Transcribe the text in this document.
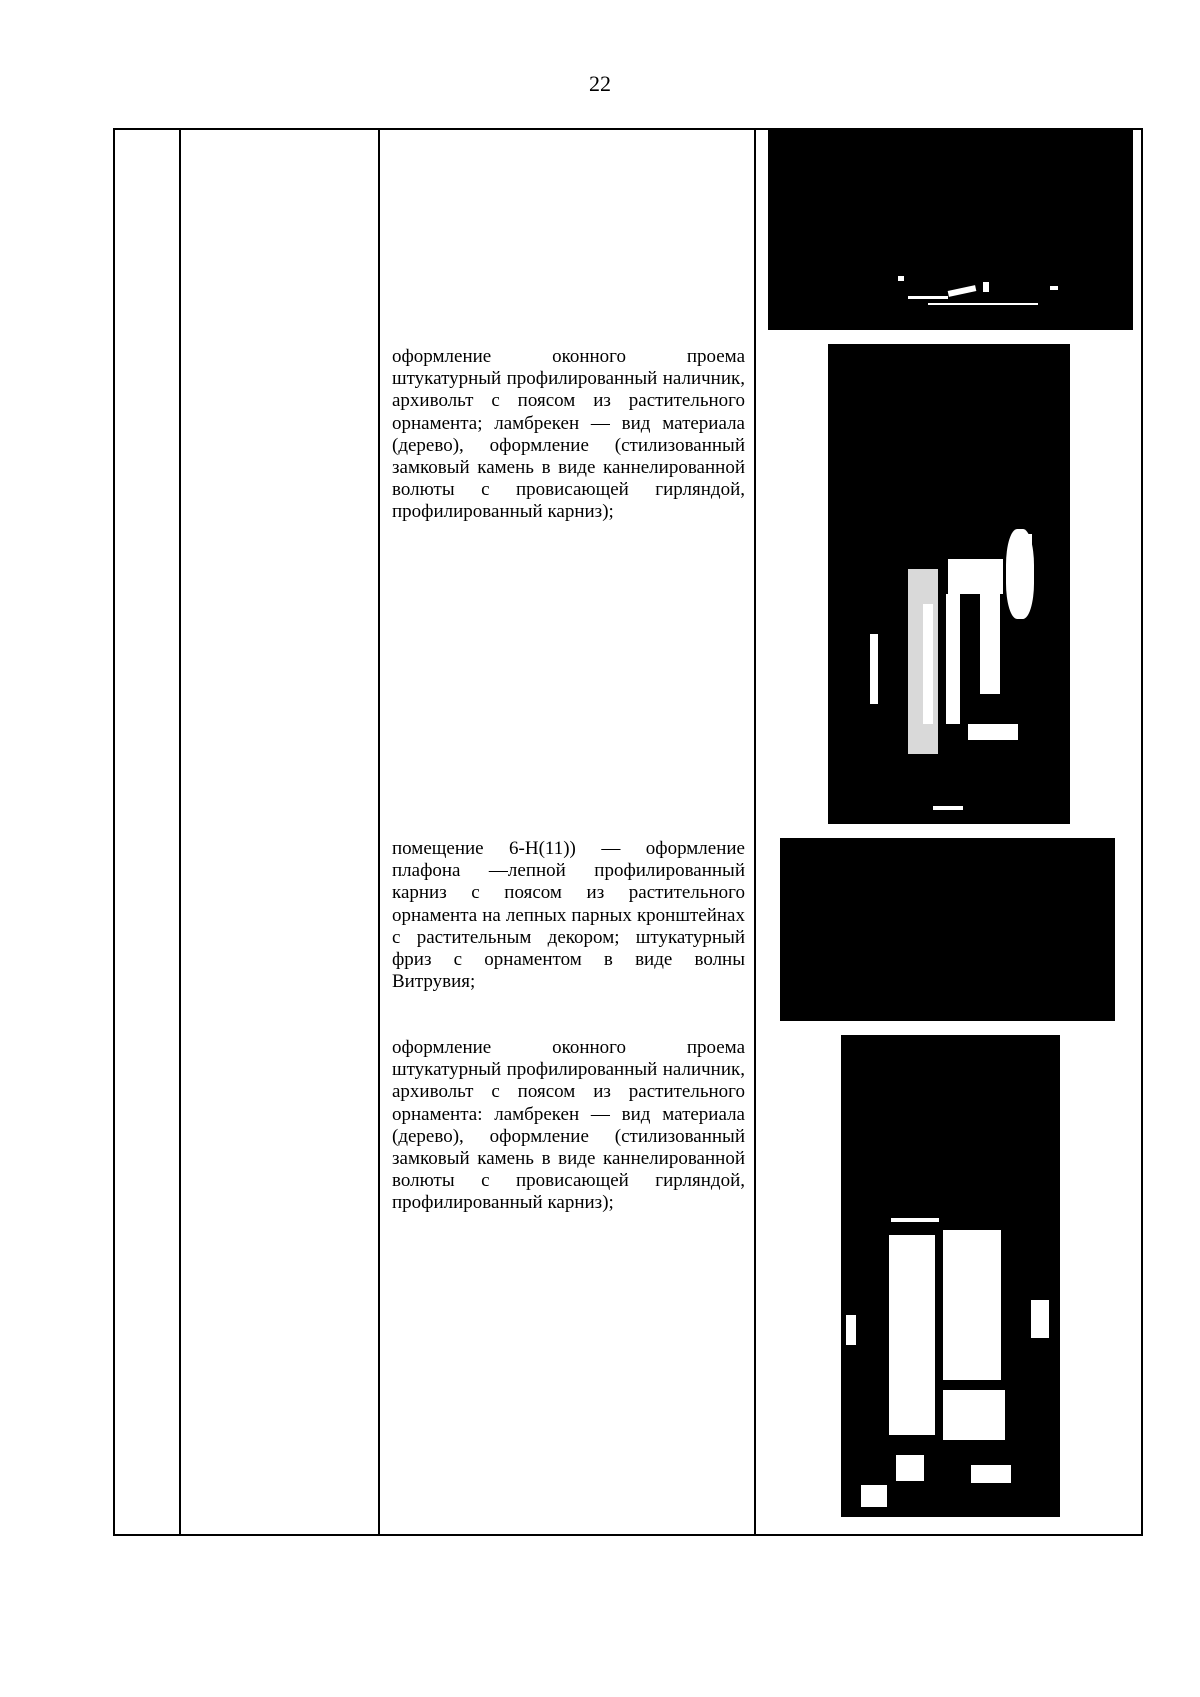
22

оформление оконного проема штукатурный профилированный наличник, архивольт с поясом из растительного орнамента; ламбрекен — вид материала (дерево), оформление (стилизованный замковый камень в виде каннелированной волюты с провисающей гирляндой, профилированный карниз);

помещение 6-Н(11)) — оформление плафона —лепной профилированный карниз с поясом из растительного орнамента на лепных парных кронштейнах с растительным декором; штукатурный фриз с орнаментом в виде волны Витрувия;

оформление оконного проема штукатурный профилированный наличник, архивольт с поясом из растительного орнамента: ламбрекен — вид материала (дерево), оформление (стилизованный замковый камень в виде каннелированной волюты с провисающей гирляндой, профилированный карниз);
